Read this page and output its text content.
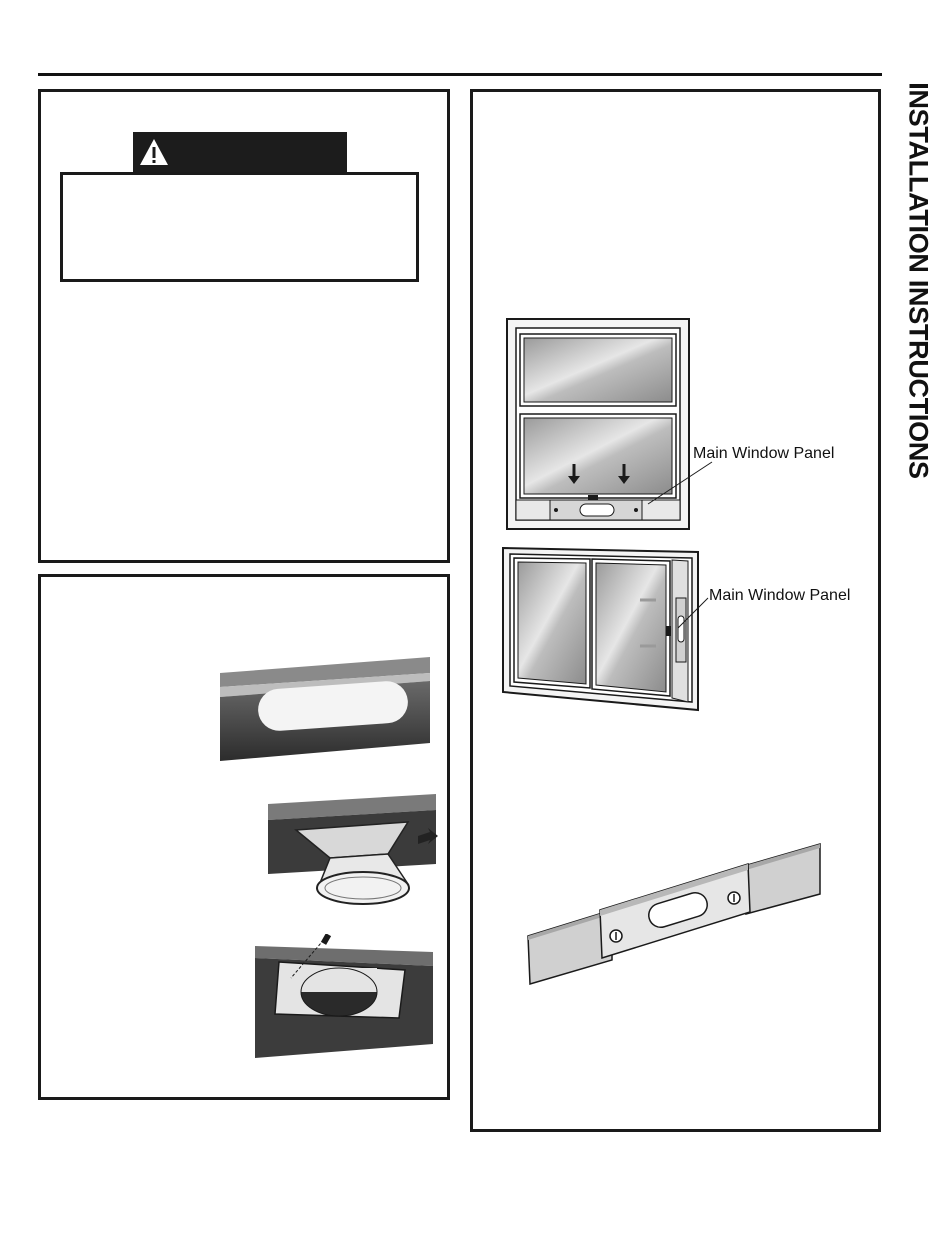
INSTALLATION INSTRUCTIONS
Main Window Panel
Main Window Panel
